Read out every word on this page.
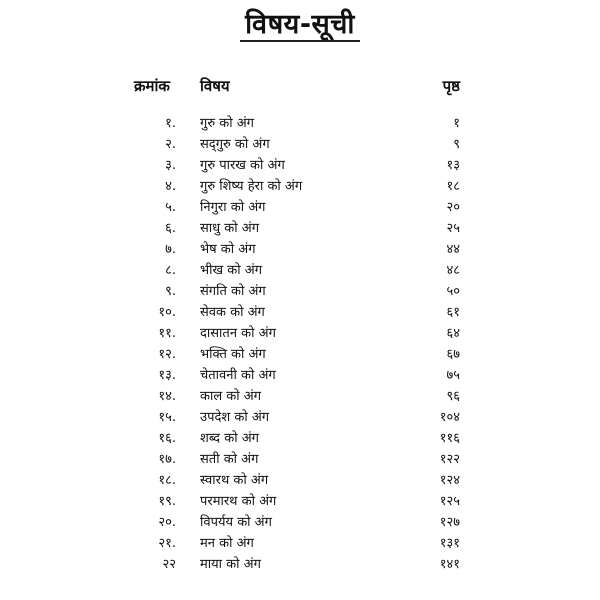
विषय-सूची
क्रमांक विषय	पृष्ठ
१. गुरु को अंग	१
२. सद्‌गुरु को अंग	९
३. गुरु पारख को अंग	१३
४. गुरु शिष्य हेरा को अंग	१८
५. निगुरा को अंग	२०
६. साधु को अंग	२५
७. भेष को अंग	४४
८. भीख को अंग	४८
९. संगति को अंग	५०
१०. सेवक को अंग	६१
११. दासातन को अंग	६४
१२. भक्ति को अंग	६७
१३. चेतावनी को अंग	७५
१४. काल को अंग	९६
१५. उपदेश को अंग	१०४
१६. शब्द को अंग	११६
१७. सती को अंग	१२२
१८. स्वारथ को अंग	१२४
१९. परमारथ को अंग	१२५
२०. विपर्यय को अंग	१२७
२१. मन को अंग	१३१
२२ माया को अंग	१४१
